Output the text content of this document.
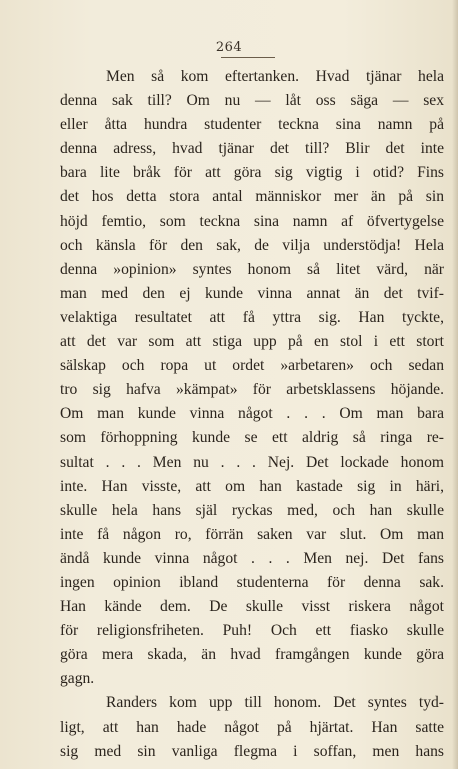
264
Men så kom eftertanken. Hvad tjänar hela
denna sak till? Om nu — låt oss säga — sex
eller åtta hundra studenter teckna sina namn på
denna adress, hvad tjänar det till? Blir det inte
bara lite bråk för att göra sig vigtig i otid? Fins
det hos detta stora antal människor mer än på sin
höjd femtio, som teckna sina namn af öfvertygelse
och känsla för den sak, de vilja understödja! Hela
denna »opinion» syntes honom så litet värd, när
man med den ej kunde vinna annat än det tvif-
velaktiga resultatet att få yttra sig. Han tyckte,
att det var som att stiga upp på en stol i ett stort
sälskap och ropa ut ordet »arbetaren» och sedan
tro sig hafva »kämpat» för arbetsklassens höjande.
Om man kunde vinna något . . . Om man bara
som förhoppning kunde se ett aldrig så ringa re-
sultat . . . Men nu . . . Nej. Det lockade honom
inte. Han visste, att om han kastade sig in häri,
skulle hela hans själ ryckas med, och han skulle
inte få någon ro, förrän saken var slut. Om man
ändå kunde vinna något . . . Men nej. Det fans
ingen opinion ibland studenterna för denna sak.
Han kände dem. De skulle visst riskera något
för religionsfriheten. Puh! Och ett fiasko skulle
göra mera skada, än hvad framgången kunde göra
gagn.
Randers kom upp till honom. Det syntes tyd-
ligt, att han hade något på hjärtat. Han satte
sig med sin vanliga flegma i soffan, men hans
